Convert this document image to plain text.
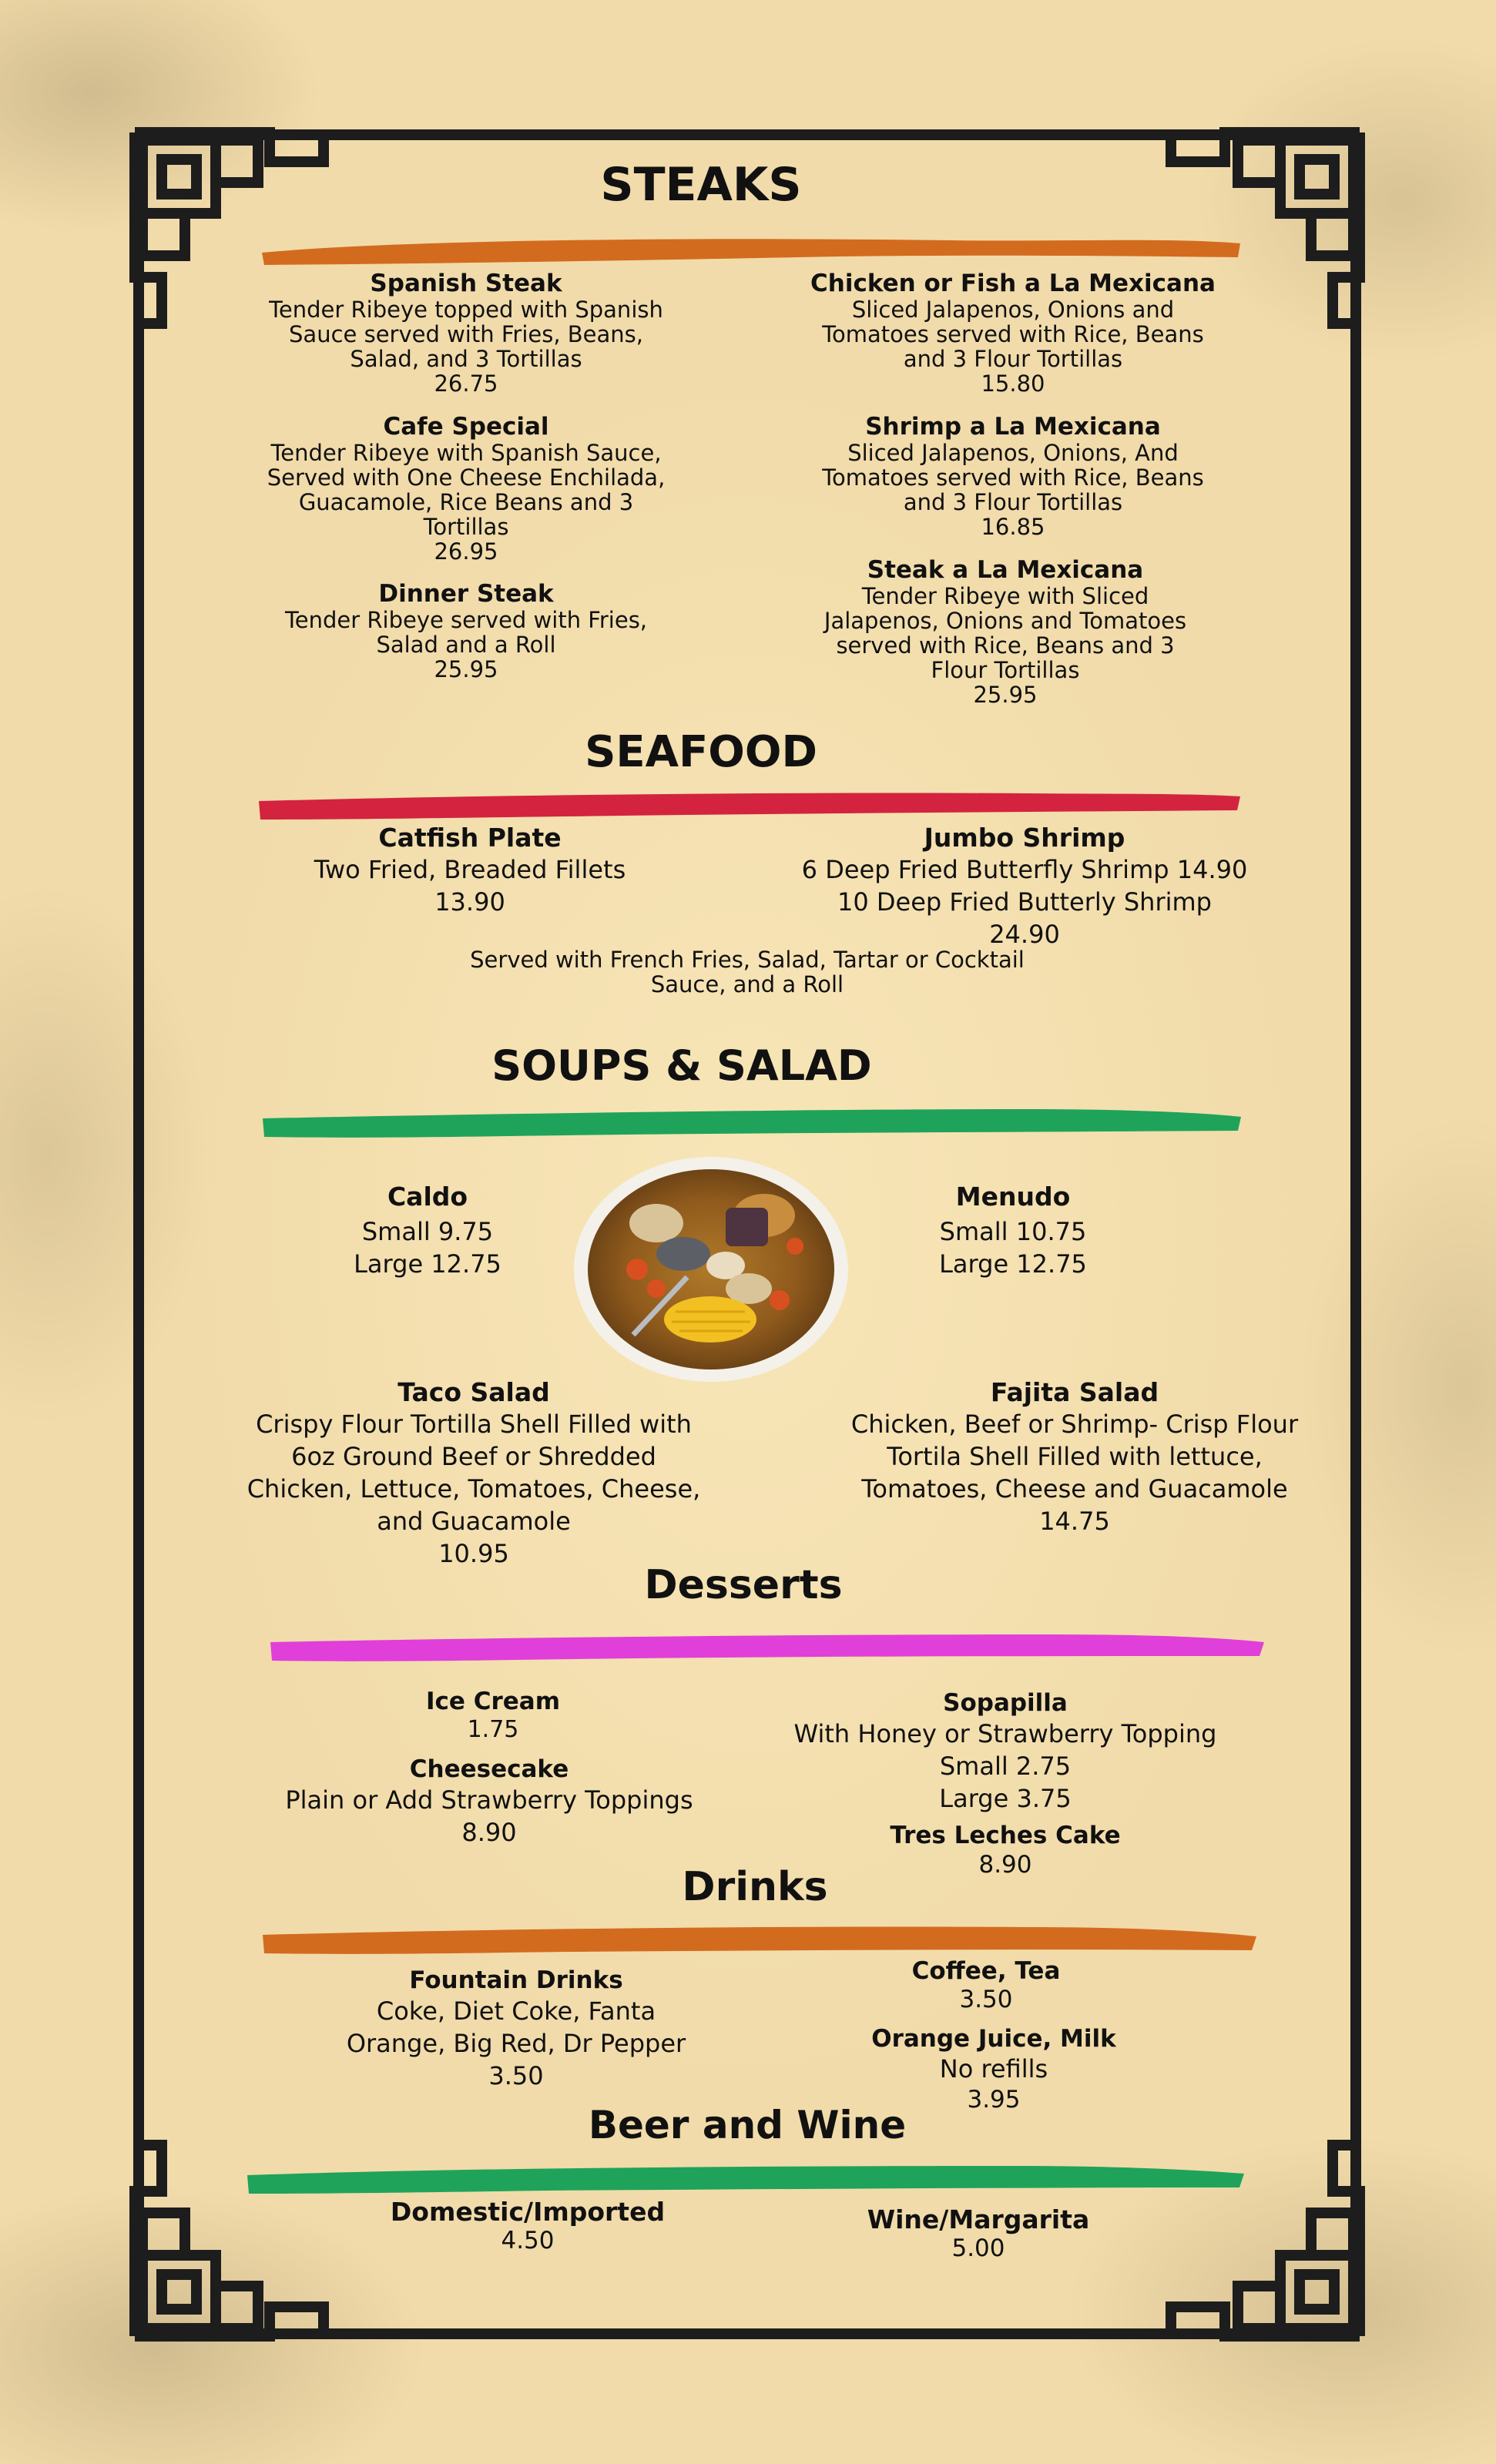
STEAKS
Spanish Steak
Tender Ribeye topped with Spanish Sauce served with Fries, Beans, Salad, and 3 Tortillas
26.75
Cafe Special
Tender Ribeye with Spanish Sauce, Served with One Cheese Enchilada, Guacamole, Rice Beans and 3 Tortillas
26.95
Dinner Steak
Tender Ribeye served with Fries, Salad and a Roll
25.95
Chicken or Fish a La Mexicana
Sliced Jalapenos, Onions and Tomatoes served with Rice, Beans and 3 Flour Tortillas
15.80
Shrimp a La Mexicana
Sliced Jalapenos, Onions, And Tomatoes served with Rice, Beans and 3 Flour Tortillas
16.85
Steak a La Mexicana
Tender Ribeye with Sliced Jalapenos, Onions and Tomatoes served with Rice, Beans and 3 Flour Tortillas
25.95
SEAFOOD
Catfish Plate
Two Fried, Breaded Fillets
13.90
Jumbo Shrimp
6 Deep Fried Butterfly Shrimp 14.90
10 Deep Fried Butterly Shrimp 24.90
Served with French Fries, Salad, Tartar or Cocktail Sauce, and a Roll
SOUPS & SALAD
Caldo
Small 9.75
Large 12.75
Menudo
Small 10.75
Large 12.75
Taco Salad
Crispy Flour Tortilla Shell Filled with 6oz Ground Beef or Shredded Chicken, Lettuce, Tomatoes, Cheese, and Guacamole
10.95
Fajita Salad
Chicken, Beef or Shrimp- Crisp Flour Tortila Shell Filled with lettuce, Tomatoes, Cheese and Guacamole
14.75
Desserts
Ice Cream
1.75
Cheesecake
Plain or Add Strawberry Toppings
8.90
Sopapilla
With Honey or Strawberry Topping
Small 2.75
Large 3.75
Tres Leches Cake
8.90
Drinks
Fountain Drinks
Coke, Diet Coke, Fanta Orange, Big Red, Dr Pepper
3.50
Coffee, Tea
3.50
Orange Juice, Milk
No refills
3.95
Beer and Wine
Domestic/Imported
4.50
Wine/Margarita
5.00
